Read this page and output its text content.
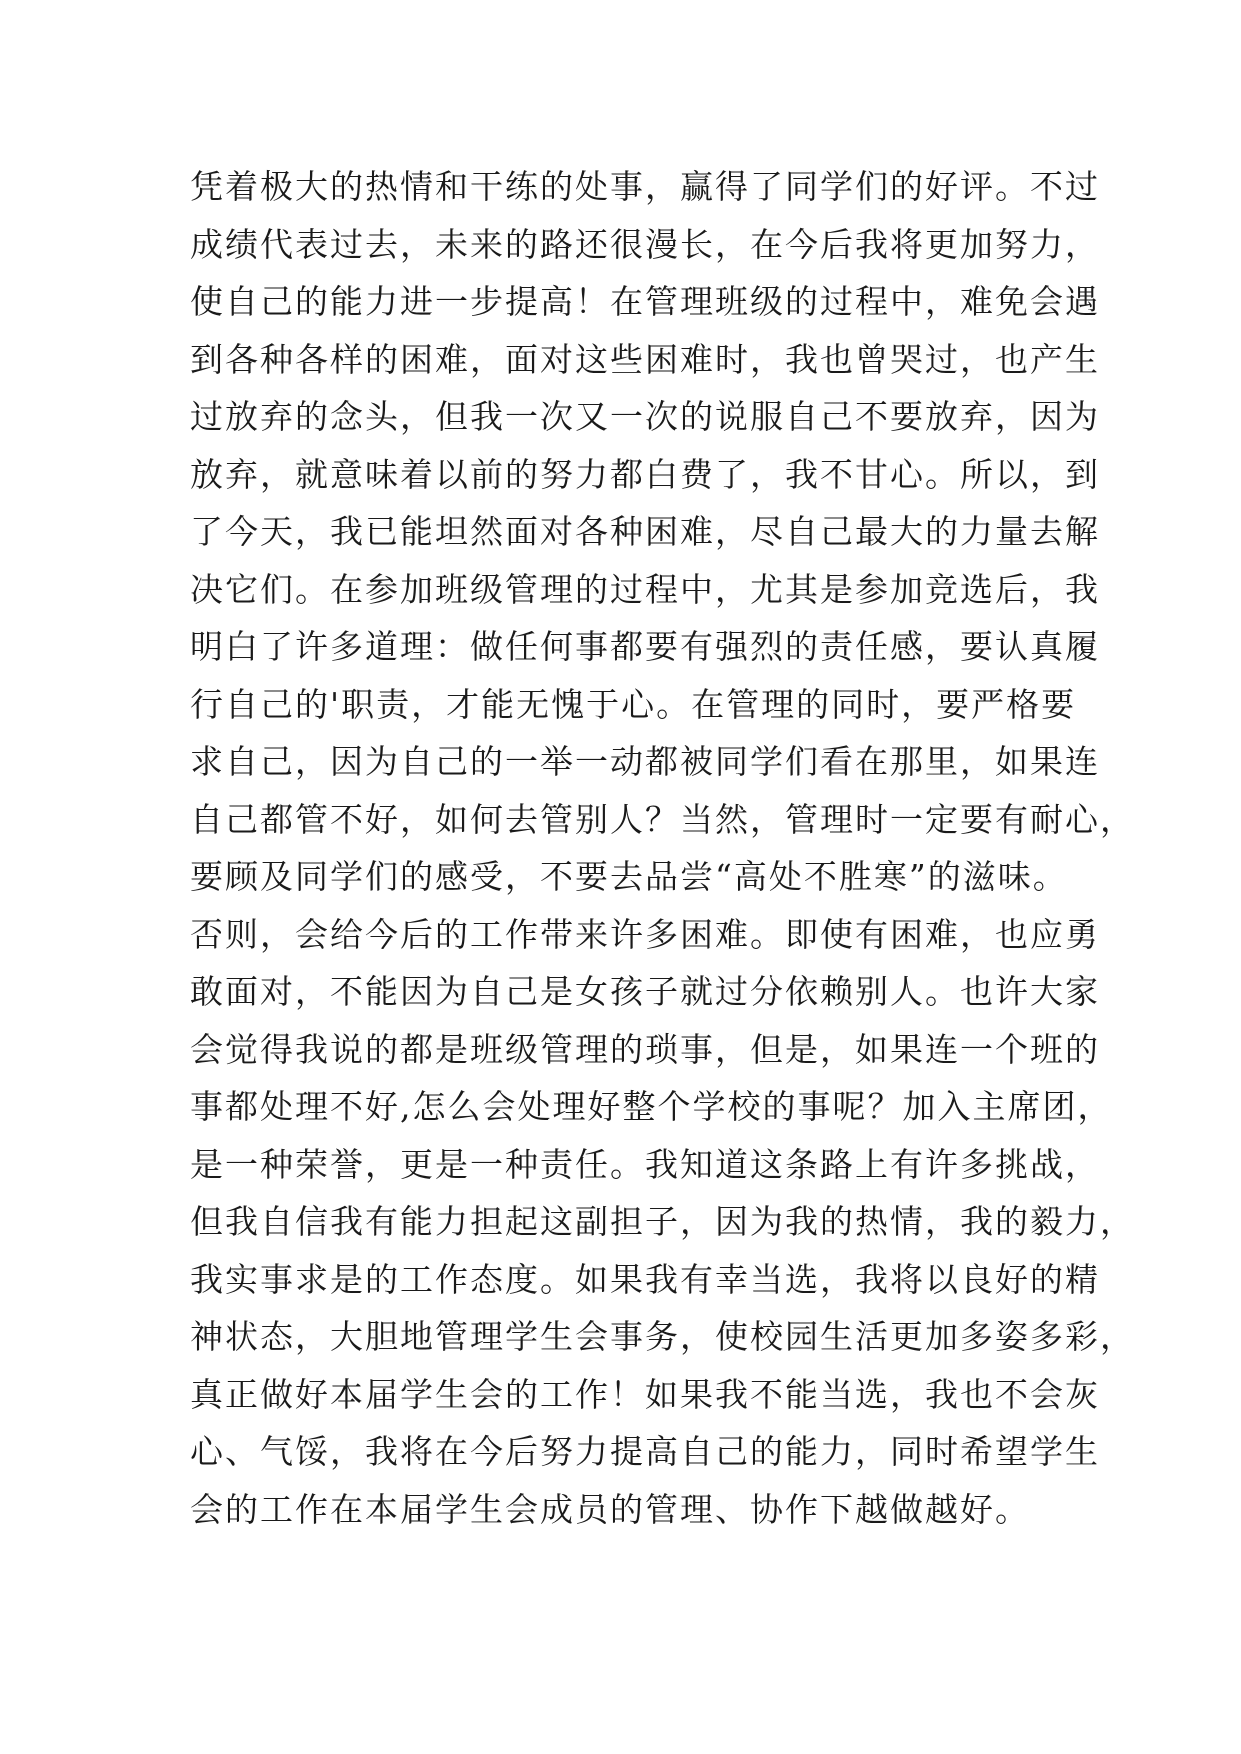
凭着极大的热情和干练的处事，赢得了同学们的好评。不过
成绩代表过去，未来的路还很漫长，在今后我将更加努力，
使自己的能力进一步提高！在管理班级的过程中，难免会遇
到各种各样的困难，面对这些困难时，我也曾哭过，也产生
过放弃的念头，但我一次又一次的说服自己不要放弃，因为
放弃，就意味着以前的努力都白费了，我不甘心。所以，到
了今天，我已能坦然面对各种困难，尽自己最大的力量去解
决它们。在参加班级管理的过程中，尤其是参加竞选后，我
明白了许多道理：做任何事都要有强烈的责任感，要认真履
行自己的'职责，才能无愧于心。在管理的同时，要严格要
求自己，因为自己的一举一动都被同学们看在那里，如果连
自己都管不好，如何去管别人？当然，管理时一定要有耐心，
要顾及同学们的感受，不要去品尝“高处不胜寒”的滋味。
否则，会给今后的工作带来许多困难。即使有困难，也应勇
敢面对，不能因为自己是女孩子就过分依赖别人。也许大家
会觉得我说的都是班级管理的琐事，但是，如果连一个班的
事都处理不好,怎么会处理好整个学校的事呢？加入主席团，
是一种荣誉，更是一种责任。我知道这条路上有许多挑战，
但我自信我有能力担起这副担子，因为我的热情，我的毅力，
我实事求是的工作态度。如果我有幸当选，我将以良好的精
神状态，大胆地管理学生会事务，使校园生活更加多姿多彩，
真正做好本届学生会的工作！如果我不能当选，我也不会灰
心、气馁，我将在今后努力提高自己的能力，同时希望学生
会的工作在本届学生会成员的管理、协作下越做越好。
